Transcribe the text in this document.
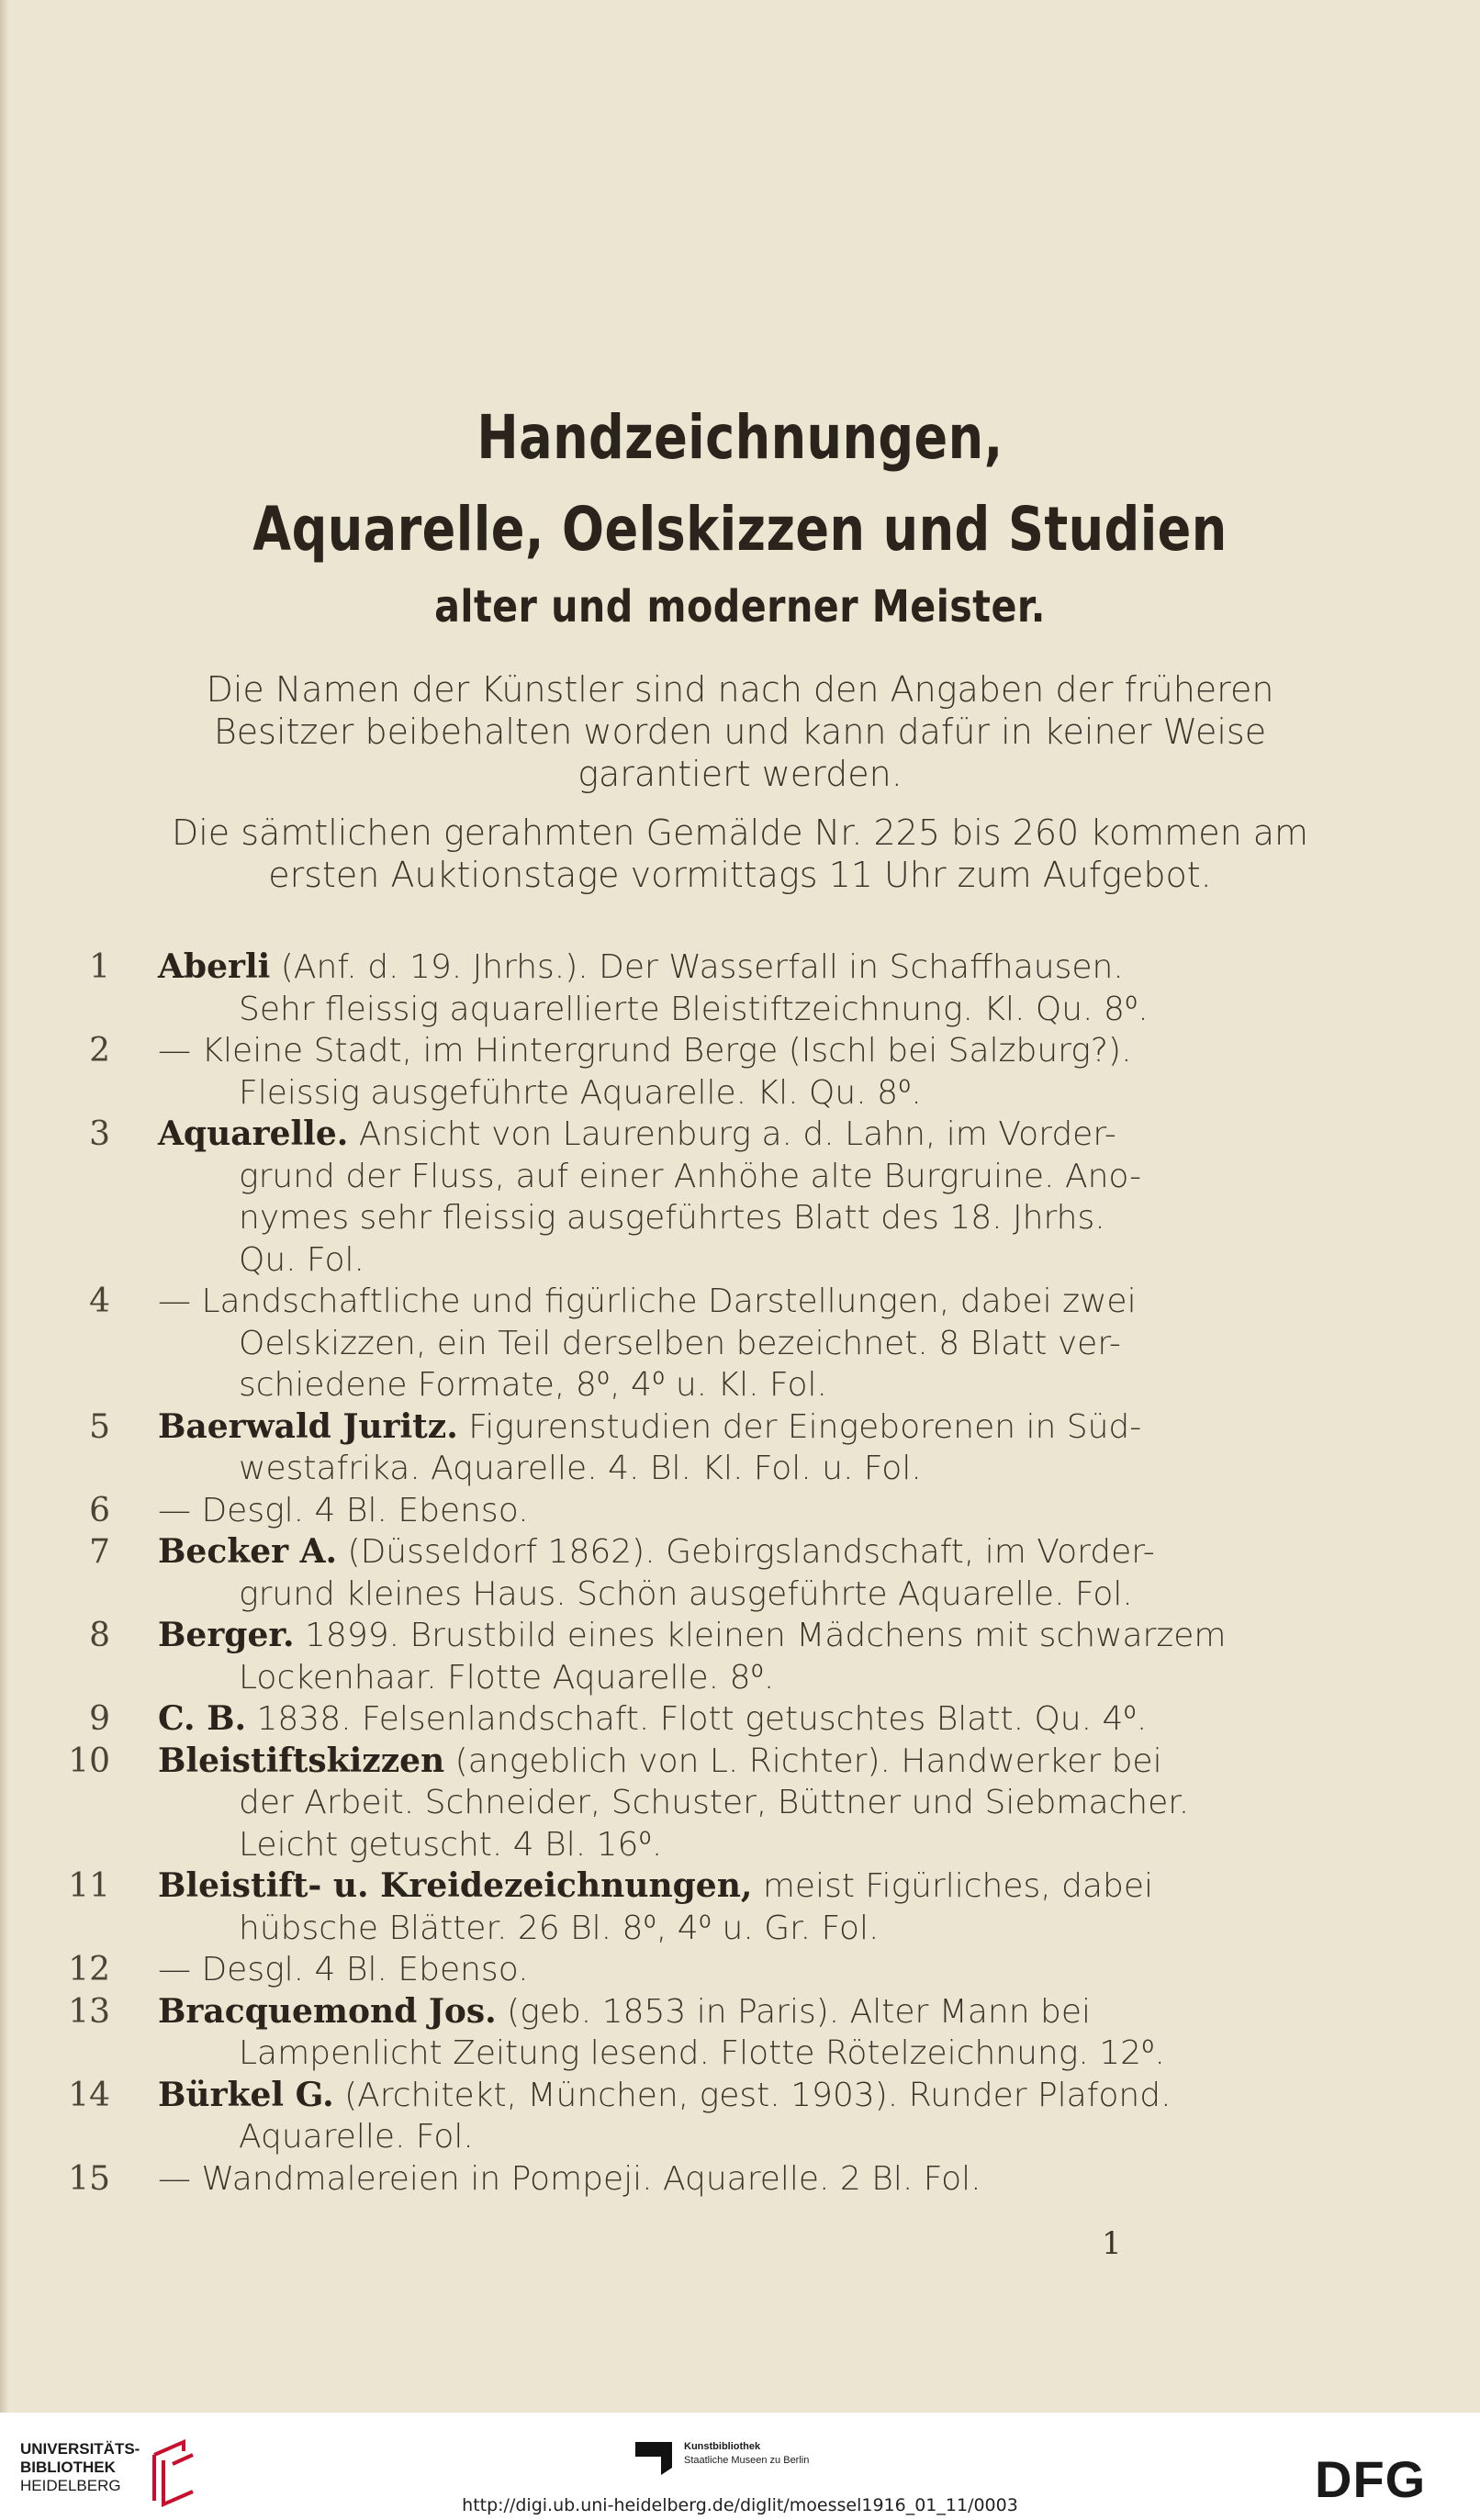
Handzeichnungen,
Aquarelle, Oelskizzen und Studien
alter und moderner Meister.
Die Namen der Künstler sind nach den Angaben der früheren
Besitzer beibehalten worden und kann dafür in keiner Weise
garantiert werden.
Die sämtlichen gerahmten Gemälde Nr. 225 bis 260 kommen am
ersten Auktionstage vormittags 11 Uhr zum Aufgebot.
1 Aberli (Anf. d. 19. Jhrhs.). Der Wasserfall in Schaffhausen.
Sehr fleissig aquarellierte Bleistiftzeichnung. Kl. Qu. 8⁰.
2 — Kleine Stadt, im Hintergrund Berge (Ischl bei Salzburg?).
Fleissig ausgeführte Aquarelle. Kl. Qu. 8⁰.
3 Aquarelle. Ansicht von Laurenburg a. d. Lahn, im Vorder-
grund der Fluss, auf einer Anhöhe alte Burgruine. Ano-
nymes sehr fleissig ausgeführtes Blatt des 18. Jhrhs.
Qu. Fol.
4 — Landschaftliche und figürliche Darstellungen, dabei zwei
Oelskizzen, ein Teil derselben bezeichnet. 8 Blatt ver-
schiedene Formate, 8⁰, 4⁰ u. Kl. Fol.
5 Baerwald Juritz. Figurenstudien der Eingeborenen in Süd-
westafrika. Aquarelle. 4. Bl. Kl. Fol. u. Fol.
6 — Desgl. 4 Bl. Ebenso.
7 Becker A. (Düsseldorf 1862). Gebirgslandschaft, im Vorder-
grund kleines Haus. Schön ausgeführte Aquarelle. Fol.
8 Berger. 1899. Brustbild eines kleinen Mädchens mit schwarzem
Lockenhaar. Flotte Aquarelle. 8⁰.
9 C. B. 1838. Felsenlandschaft. Flott getuschtes Blatt. Qu. 4⁰.
10 Bleistiftskizzen (angeblich von L. Richter). Handwerker bei
der Arbeit. Schneider, Schuster, Büttner und Siebmacher.
Leicht getuscht. 4 Bl. 16⁰.
11 Bleistift- u. Kreidezeichnungen, meist Figürliches, dabei
hübsche Blätter. 26 Bl. 8⁰, 4⁰ u. Gr. Fol.
12 — Desgl. 4 Bl. Ebenso.
13 Bracquemond Jos. (geb. 1853 in Paris). Alter Mann bei
Lampenlicht Zeitung lesend. Flotte Rötelzeichnung. 12⁰.
14 Bürkel G. (Architekt, München, gest. 1903). Runder Plafond.
Aquarelle. Fol.
15 — Wandmalereien in Pompeji. Aquarelle. 2 Bl. Fol.
1
UNIVERSITÄTS-
BIBLIOTHEK
HEIDELBERG
Kunstbibliothek
Staatliche Museen zu Berlin	DFG
http://digi.ub.uni-heidelberg.de/diglit/moessel1916_01_11/0003
